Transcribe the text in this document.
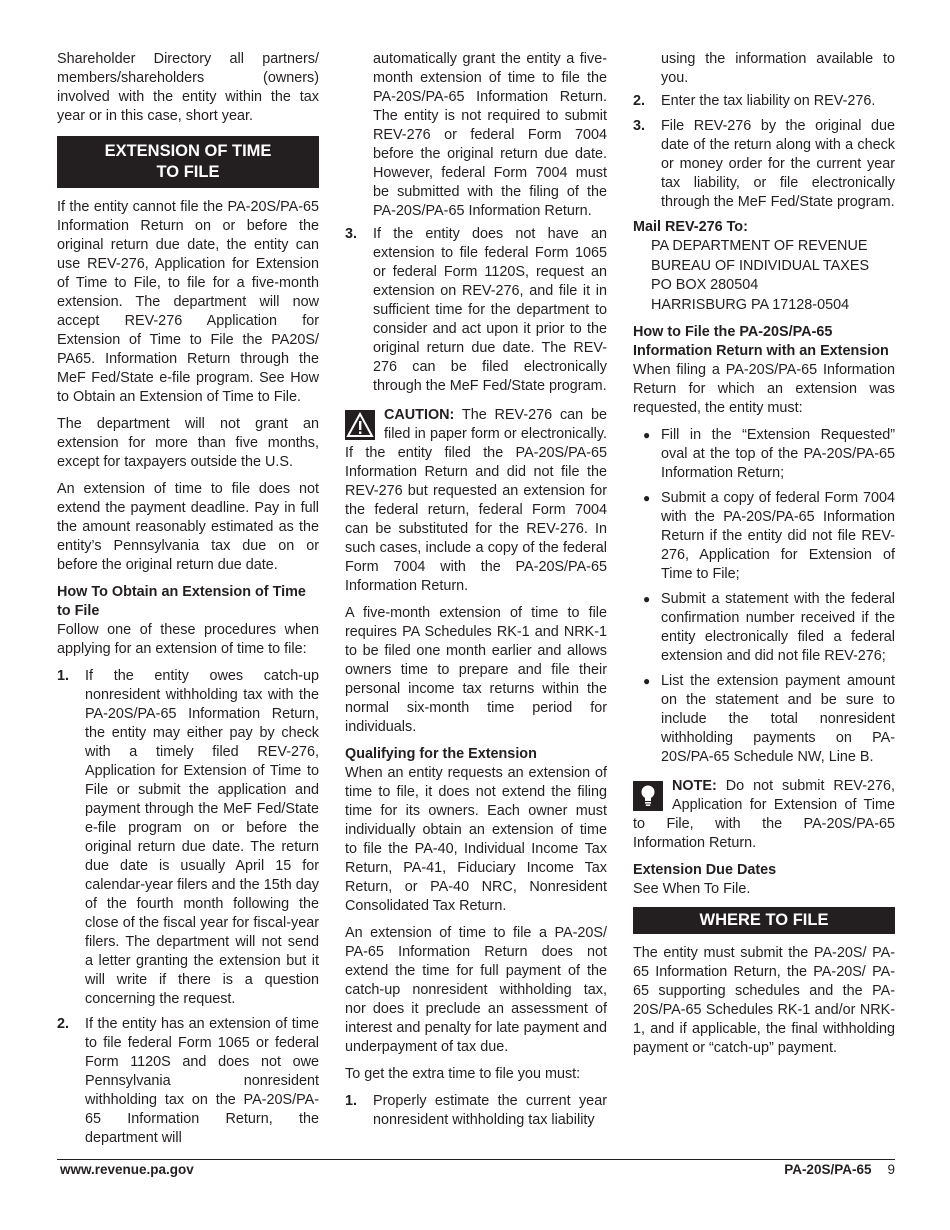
Shareholder Directory all partners/ members/shareholders (owners) involved with the entity within the tax year or in this case, short year.

EXTENSION OF TIME
TO FILE

If the entity cannot file the PA-20S/PA-65 Information Return on or before the original return due date, the entity can use REV-276, Application for Extension of Time to File, to file for a five-month extension. The department will now accept REV-276 Application for Extension of Time to File the PA20S/ PA65. Information Return through the MeF Fed/State e-file program. See How to Obtain an Extension of Time to File.

The department will not grant an extension for more than five months, except for taxpayers outside the U.S.

An extension of time to file does not extend the payment deadline. Pay in full the amount reasonably estimated as the entity’s Pennsylvania tax due on or before the original return due date.

How To Obtain an Extension of Time to File

Follow one of these procedures when applying for an extension of time to file:

1.	If the entity owes catch-up nonresident withholding tax with the PA-20S/PA-65 Information Return, the entity may either pay by check with a timely filed REV-276, Application for Extension of Time to File or submit the application and payment through the MeF Fed/State e-file program on or before the original return due date. The return due date is usually April 15 for calendar-year filers and the 15th day of the fourth month following the close of the fiscal year for fiscal-year filers. The department will not send a letter granting the extension but it will write if there is a question concerning the request.
2.	If the entity has an extension of time to file federal Form 1065 or federal Form 1120S and does not owe Pennsylvania nonresident withholding tax on the PA-20S/PA-65 Information Return, the department will

automatically grant the entity a five-month extension of time to file the PA-20S/PA-65 Information Return. The entity is not required to submit REV-276 or federal Form 7004 before the original return due date. However, federal Form 7004 must be submitted with the filing of the PA-20S/PA-65 Information Return.

3.	If the entity does not have an extension to file federal Form 1065 or federal Form 1120S, request an extension on REV-276, and file it in sufficient time for the department to consider and act upon it prior to the original return due date. The REV-276 can be filed electronically through the MeF Fed/State program.

CAUTION: The REV-276 can be filed in paper form or electronically. If the entity filed the PA-20S/PA-65 Information Return and did not file the REV-276 but requested an extension for the federal return, federal Form 7004 can be substituted for the REV-276. In such cases, include a copy of the federal Form 7004 with the PA-20S/PA-65 Information Return.

A five-month extension of time to file requires PA Schedules RK-1 and NRK-1 to be filed one month earlier and allows owners time to prepare and file their personal income tax returns within the normal six-month time period for individuals.

Qualifying for the Extension

When an entity requests an extension of time to file, it does not extend the filing time for its owners. Each owner must individually obtain an extension of time to file the PA-40, Individual Income Tax Return, PA-41, Fiduciary Income Tax Return, or PA-40 NRC, Nonresident Consolidated Tax Return.

An extension of time to file a PA-20S/ PA-65 Information Return does not extend the time for full payment of the catch-up nonresident withholding tax, nor does it preclude an assessment of interest and penalty for late payment and underpayment of tax due.

To get the extra time to file you must:

1.	Properly estimate the current year nonresident withholding tax liability

using the information available to you.

2.	Enter the tax liability on REV-276.
3.	File REV-276 by the original due date of the return along with a check or money order for the current year tax liability, or file electronically through the MeF Fed/State program.
Mail REV-276 To:
PA DEPARTMENT OF REVENUE
BUREAU OF INDIVIDUAL TAXES
PO BOX 280504
HARRISBURG PA 17128-0504
How to File the PA-20S/PA-65 Information Return with an Extension

When filing a PA-20S/PA-65 Information Return for which an extension was requested, the entity must:

● Fill in the “Extension Requested” oval at the top of the PA-20S/PA-65 Information Return;
● Submit a copy of federal Form 7004 with the PA-20S/PA-65 Information Return if the entity did not file REV-276, Application for Extension of Time to File;
● Submit a statement with the federal confirmation number received if the entity electronically filed a federal extension and did not file REV-276;
● List the extension payment amount on the statement and be sure to include the total nonresident withholding payments on PA-20S/PA-65 Schedule NW, Line B.

NOTE: Do not submit REV-276, Application for Extension of Time to File, with the PA-20S/PA-65 Information Return.

Extension Due Dates

See When To File.

WHERE TO FILE

The entity must submit the PA-20S/ PA-65 Information Return, the PA-20S/ PA-65 supporting schedules and the PA-20S/PA-65 Schedules RK-1 and/or NRK-1, and if applicable, the final withholding payment or “catch-up” payment.

www.revenue.pa.gov	PA-20S/PA-65 9
